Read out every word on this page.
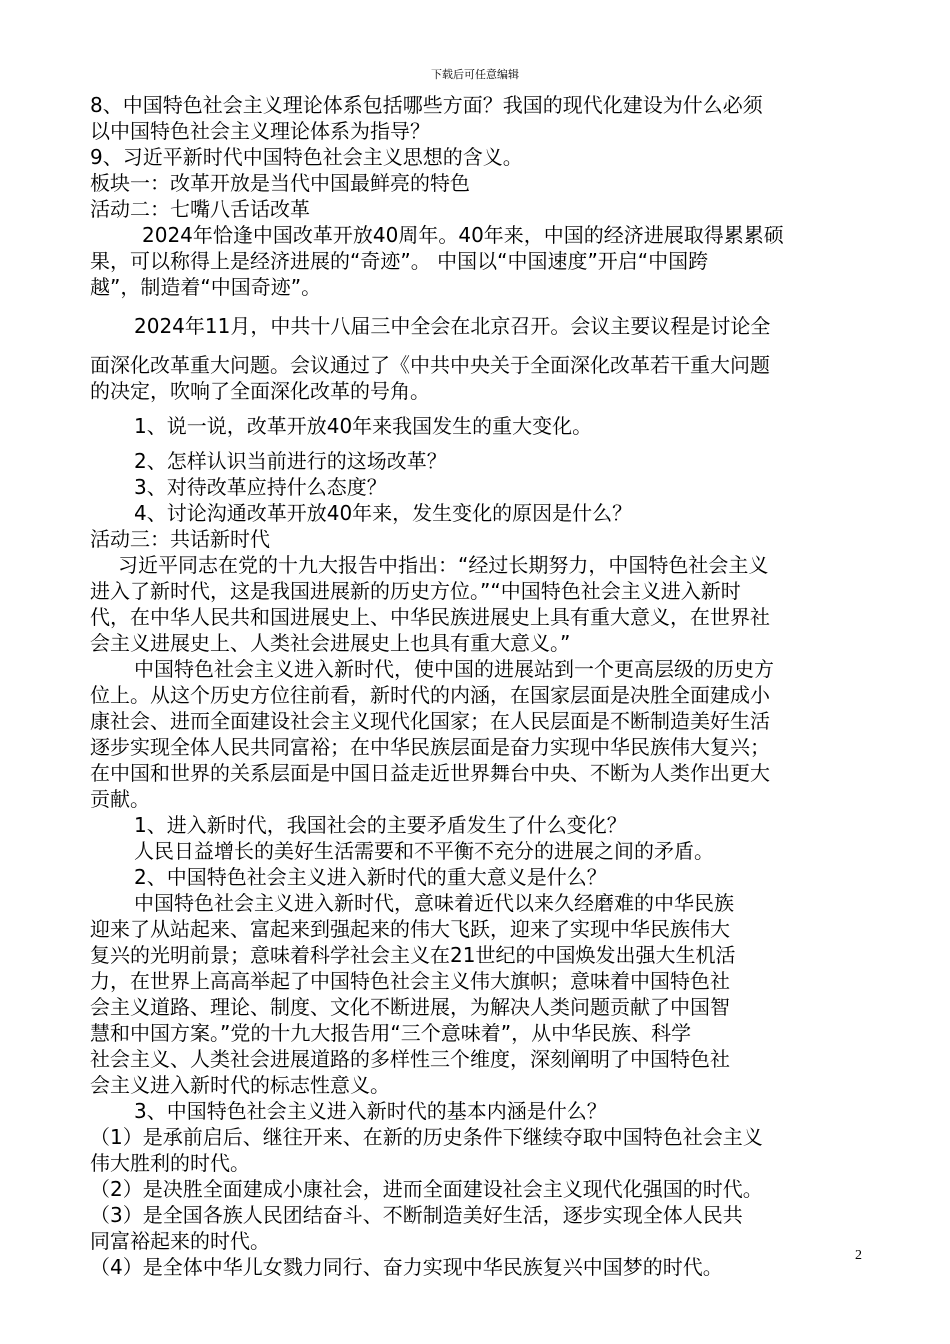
下载后可任意编辑
8、中国特色社会主义理论体系包括哪些方面？我国的现代化建设为什么必须
以中国特色社会主义理论体系为指导？
9、习近平新时代中国特色社会主义思想的含义。
板块一：改革开放是当代中国最鲜亮的特色
活动二：七嘴八舌话改革
2024年恰逢中国改革开放40周年。40年来，中国的经济进展取得累累硕
果，可以称得上是经济进展的“奇迹”。 中国以“中国速度”开启“中国跨
越”，制造着“中国奇迹”。
2024年11月，中共十八届三中全会在北京召开。会议主要议程是讨论全
面深化改革重大问题。会议通过了《中共中央关于全面深化改革若干重大问题
的决定，吹响了全面深化改革的号角。
1、说一说，改革开放40年来我国发生的重大变化。
2、怎样认识当前进行的这场改革？
3、对待改革应持什么态度？
4、讨论沟通改革开放40年来，发生变化的原因是什么？
活动三：共话新时代
习近平同志在党的十九大报告中指出：“经过长期努力，中国特色社会主义
进入了新时代，这是我国进展新的历史方位。”“中国特色社会主义进入新时
代，在中华人民共和国进展史上、中华民族进展史上具有重大意义，在世界社
会主义进展史上、人类社会进展史上也具有重大意义。”
中国特色社会主义进入新时代，使中国的进展站到一个更高层级的历史方
位上。从这个历史方位往前看，新时代的内涵，在国家层面是决胜全面建成小
康社会、进而全面建设社会主义现代化国家；在人民层面是不断制造美好生活
逐步实现全体人民共同富裕；在中华民族层面是奋力实现中华民族伟大复兴；
在中国和世界的关系层面是中国日益走近世界舞台中央、不断为人类作出更大
贡献。
1、进入新时代，我国社会的主要矛盾发生了什么变化？
人民日益增长的美好生活需要和不平衡不充分的进展之间的矛盾。
2、中国特色社会主义进入新时代的重大意义是什么？
中国特色社会主义进入新时代，意味着近代以来久经磨难的中华民族
迎来了从站起来、富起来到强起来的伟大飞跃，迎来了实现中华民族伟大
复兴的光明前景；意味着科学社会主义在21世纪的中国焕发出强大生机活
力，在世界上高高举起了中国特色社会主义伟大旗帜；意味着中国特色社
会主义道路、理论、制度、文化不断进展，为解决人类问题贡献了中国智
慧和中国方案。”党的十九大报告用“三个意味着”，从中华民族、科学
社会主义、人类社会进展道路的多样性三个维度，深刻阐明了中国特色社
会主义进入新时代的标志性意义。
3、中国特色社会主义进入新时代的基本内涵是什么？
（1）是承前启后、继往开来、在新的历史条件下继续夺取中国特色社会主义
伟大胜利的时代。
（2）是决胜全面建成小康社会，进而全面建设社会主义现代化强国的时代。
（3）是全国各族人民团结奋斗、不断制造美好生活，逐步实现全体人民共
同富裕起来的时代。
（4）是全体中华儿女戮力同行、奋力实现中华民族复兴中国梦的时代。	2
